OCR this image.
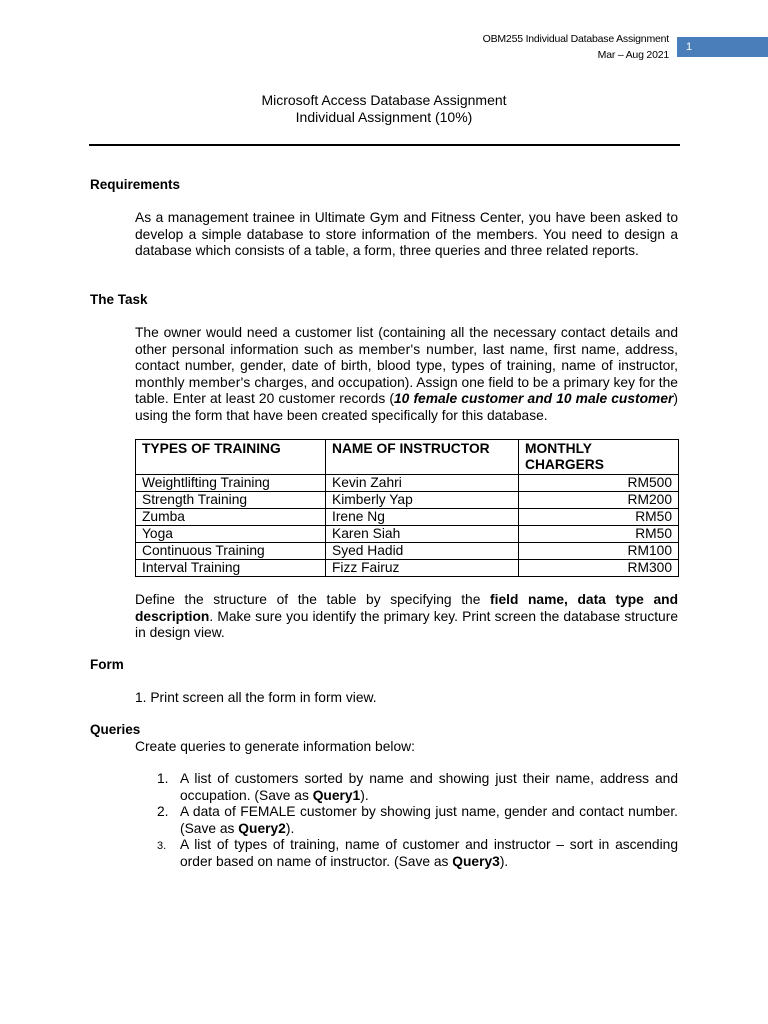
OBM255 Individual Database Assignment
Mar – Aug 2021
1
Microsoft Access Database Assignment
Individual Assignment (10%)
Requirements
As a management trainee in Ultimate Gym and Fitness Center, you have been asked to develop a simple database to store information of the members. You need to design a database which consists of a table, a form, three queries and three related reports.
The Task
The owner would need a customer list (containing all the necessary contact details and other personal information such as member's number, last name, first name, address, contact number, gender, date of birth, blood type, types of training, name of instructor, monthly member's charges, and occupation). Assign one field to be a primary key for the table. Enter at least 20 customer records (10 female customer and 10 male customer) using the form that have been created specifically for this database.
TYPES OF TRAINING	NAME OF INSTRUCTOR	MONTHLY CHARGERS
Weightlifting Training	Kevin Zahri	RM500
Strength Training	Kimberly Yap	RM200
Zumba	Irene Ng	RM50
Yoga	Karen Siah	RM50
Continuous Training	Syed Hadid	RM100
Interval Training	Fizz Fairuz	RM300
Define the structure of the table by specifying the field name, data type and description. Make sure you identify the primary key. Print screen the database structure in design view.
Form
1. Print screen all the form in form view.
Queries
Create queries to generate information below:
1. A list of customers sorted by name and showing just their name, address and occupation. (Save as Query1).
2. A data of FEMALE customer by showing just name, gender and contact number. (Save as Query2).
3. A list of types of training, name of customer and instructor – sort in ascending order based on name of instructor. (Save as Query3).
